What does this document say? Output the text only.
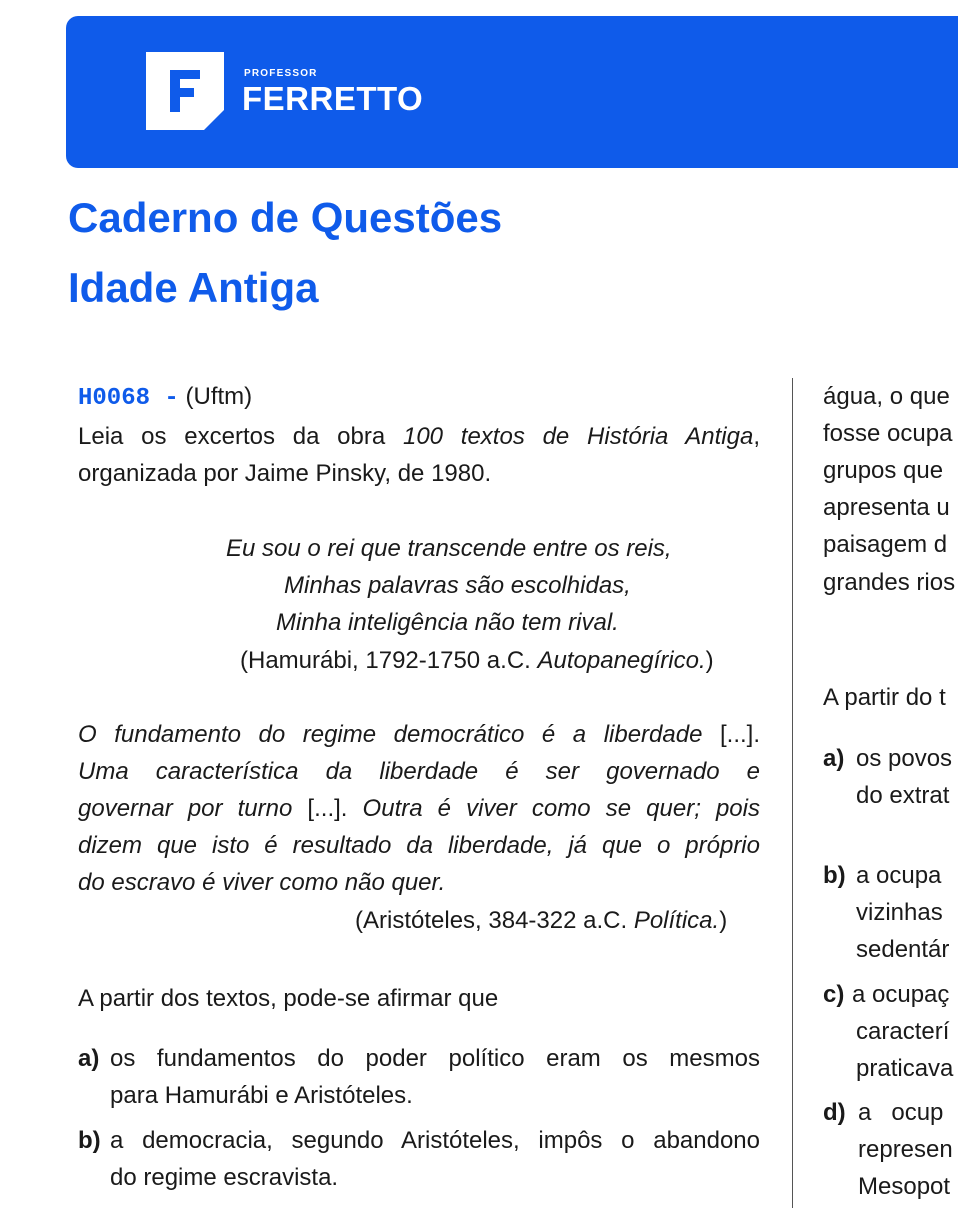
PROFESSOR
FERRETTO
Caderno de Questões
Idade Antiga
H0068 - (Uftm)
Leia os excertos da obra 100 textos de História Antiga,
organizada por Jaime Pinsky, de 1980.
Eu sou o rei que transcende entre os reis,
Minhas palavras são escolhidas,
Minha inteligência não tem rival.
(Hamurábi, 1792-1750 a.C. Autopanegírico.)
O fundamento do regime democrático é a liberdade [...].
Uma característica da liberdade é ser governado e
governar por turno [...]. Outra é viver como se quer; pois
dizem que isto é resultado da liberdade, já que o próprio
do escravo é viver como não quer.
(Aristóteles, 384-322 a.C. Política.)
A partir dos textos, pode-se afirmar que
a) os fundamentos do poder político eram os mesmos
para Hamurábi e Aristóteles.
b) a democracia, segundo Aristóteles, impôs o abandono
do regime escravista.
água, o que
fosse ocupa
grupos que
apresenta u
paisagem d
grandes rios
A partir do t
a) os povos
do extrat
b) a ocupa
vizinhas
sedentár
c) a ocupaç
caracterí
praticava
d) a   ocup
represen
Mesopot
